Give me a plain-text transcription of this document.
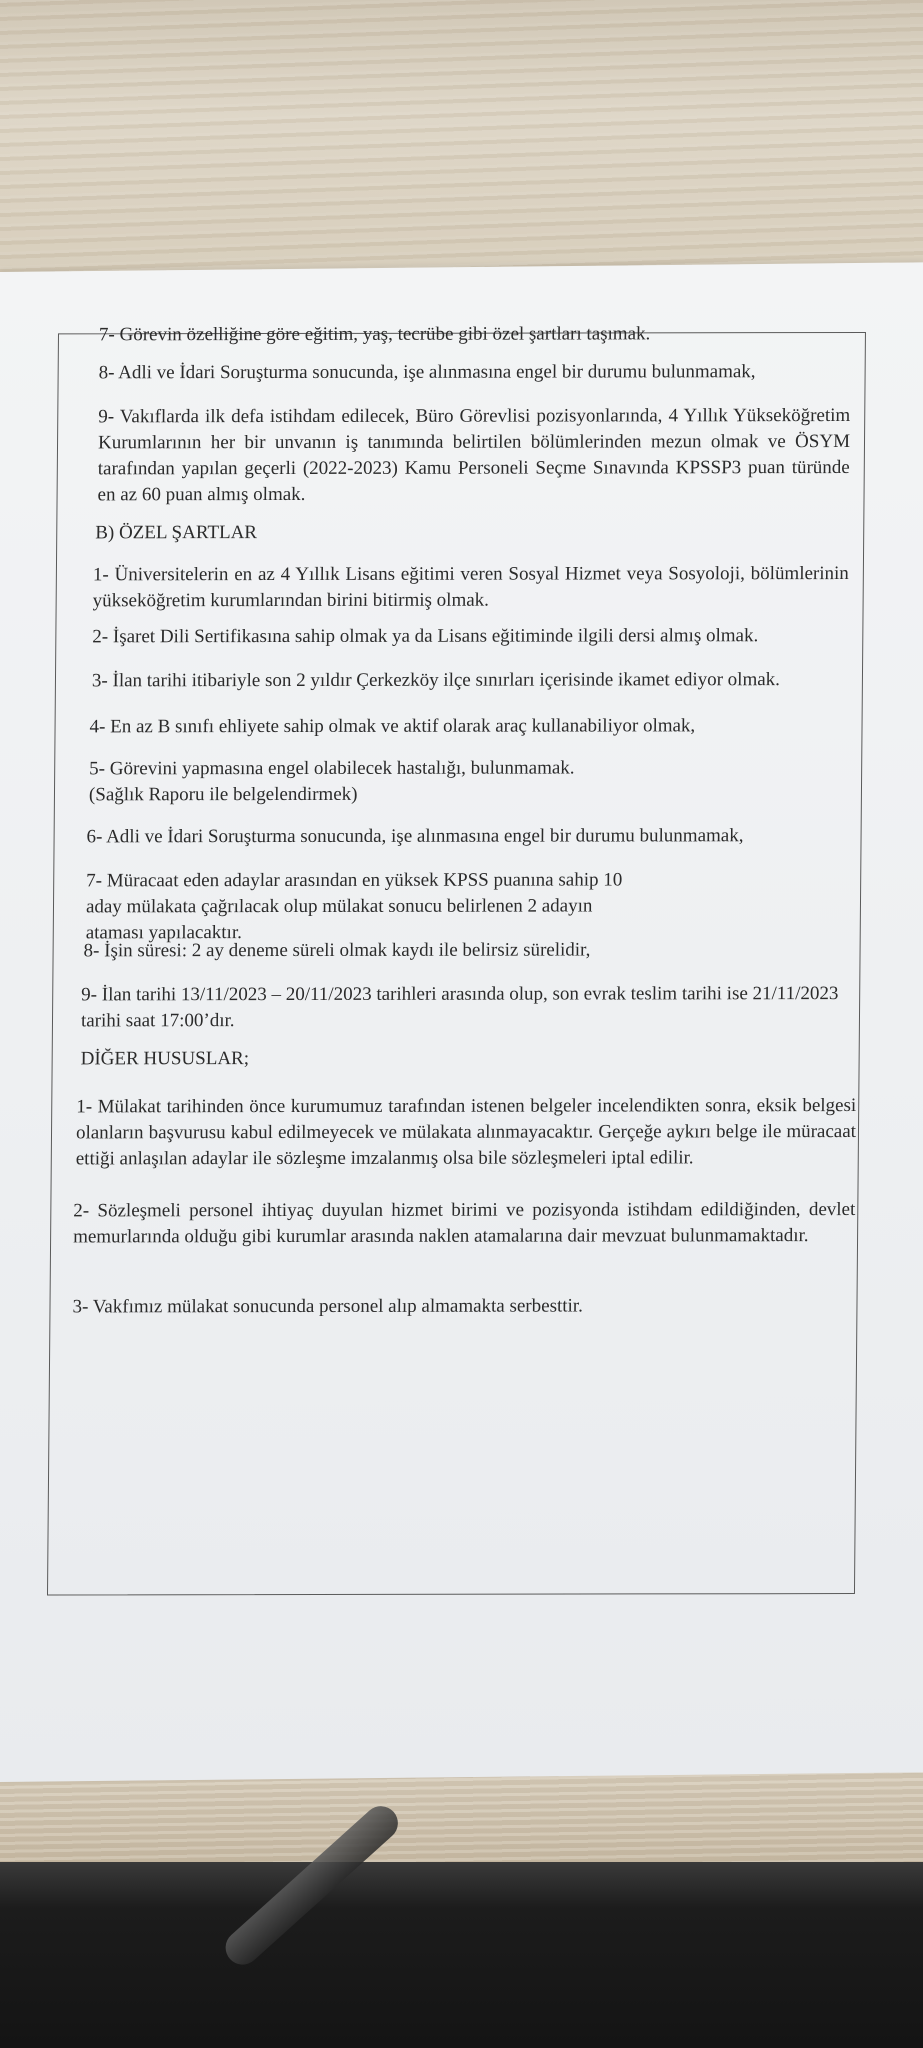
7- Görevin özelliğine göre eğitim, yaş, tecrübe gibi özel şartları taşımak.
8- Adli ve İdari Soruşturma sonucunda, işe alınmasına engel bir durumu bulunmamak,
9- Vakıflarda ilk defa istihdam edilecek, Büro Görevlisi pozisyonlarında, 4 Yıllık Yükseköğretim Kurumlarının her bir unvanın iş tanımında belirtilen bölümlerinden mezun olmak ve ÖSYM tarafından yapılan geçerli (2022-2023) Kamu Personeli Seçme Sınavında KPSSP3 puan türünde en az 60 puan almış olmak.
B) ÖZEL ŞARTLAR
1- Üniversitelerin en az 4 Yıllık Lisans eğitimi veren Sosyal Hizmet veya Sosyoloji, bölümlerinin yükseköğretim kurumlarından birini bitirmiş olmak.
2- İşaret Dili Sertifikasına sahip olmak ya da Lisans eğitiminde ilgili dersi almış olmak.
3- İlan tarihi itibariyle son 2 yıldır Çerkezköy ilçe sınırları içerisinde ikamet ediyor olmak.
4- En az B sınıfı ehliyete sahip olmak ve aktif olarak araç kullanabiliyor olmak,
5- Görevini yapmasına engel olabilecek hastalığı, bulunmamak. (Sağlık Raporu ile belgelendirmek)
6- Adli ve İdari Soruşturma sonucunda, işe alınmasına engel bir durumu bulunmamak,
7- Müracaat eden adaylar arasından en yüksek KPSS puanına sahip 10 aday mülakata çağrılacak olup mülakat sonucu belirlenen 2 adayın ataması yapılacaktır.
8- İşin süresi: 2 ay deneme süreli olmak kaydı ile belirsiz sürelidir,
9- İlan tarihi 13/11/2023 – 20/11/2023 tarihleri arasında olup, son evrak teslim tarihi ise 21/11/2023 tarihi saat 17:00’dır.
DİĞER HUSUSLAR;
1- Mülakat tarihinden önce kurumumuz tarafından istenen belgeler incelendikten sonra, eksik belgesi olanların başvurusu kabul edilmeyecek ve mülakata alınmayacaktır. Gerçeğe aykırı belge ile müracaat ettiği anlaşılan adaylar ile sözleşme imzalanmış olsa bile sözleşmeleri iptal edilir.
2- Sözleşmeli personel ihtiyaç duyulan hizmet birimi ve pozisyonda istihdam edildiğinden, devlet memurlarında olduğu gibi kurumlar arasında naklen atamalarına dair mevzuat bulunmamaktadır.
3- Vakfımız mülakat sonucunda personel alıp almamakta serbesttir.
